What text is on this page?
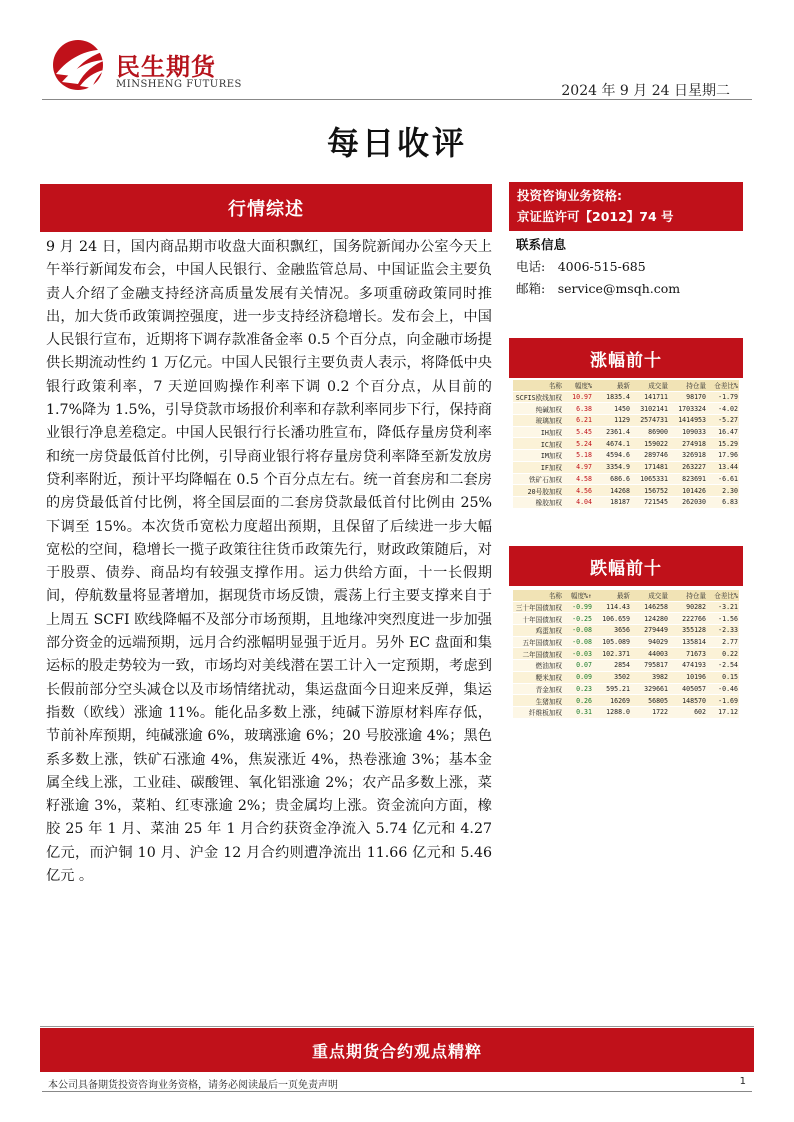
民生期货
MINSHENG FUTURES	2024 年 9 月 24 日星期二
每日收评
行情综述
9 月 24 日，国内商品期市收盘大面积飘红，国务院新闻办公室今天上午举行新闻发布会，中国人民银行、金融监管总局、中国证监会主要负责人介绍了金融支持经济高质量发展有关情况。多项重磅政策同时推出，加大货币政策调控强度，进一步支持经济稳增长。发布会上，中国人民银行宣布，近期将下调存款准备金率 0.5 个百分点，向金融市场提供长期流动性约 1 万亿元。中国人民银行主要负责人表示，将降低中央银行政策利率，7 天逆回购操作利率下调 0.2 个百分点，从目前的 1.7%降为 1.5%，引导贷款市场报价利率和存款利率同步下行，保持商业银行净息差稳定。中国人民银行行长潘功胜宣布，降低存量房贷利率和统一房贷最低首付比例，引导商业银行将存量房贷利率降至新发放房贷利率附近，预计平均降幅在 0.5 个百分点左右。统一首套房和二套房的房贷最低首付比例，将全国层面的二套房贷款最低首付比例由 25%下调至 15%。本次货币宽松力度超出预期，且保留了后续进一步大幅宽松的空间，稳增长一揽子政策往往货币政策先行，财政政策随后，对于股票、债券、商品均有较强支撑作用。运力供给方面，十一长假期间，停航数量将显著增加，据现货市场反馈，震荡上行主要支撑来自于上周五 SCFI 欧线降幅不及部分市场预期，且地缘冲突烈度进一步加强部分资金的远端预期，远月合约涨幅明显强于近月。另外 EC 盘面和集运标的股走势较为一致，市场均对美线潜在罢工计入一定预期，考虑到长假前部分空头减仓以及市场情绪扰动，集运盘面今日迎来反弹，集运指数（欧线）涨逾 11%。能化品多数上涨，纯碱下游原材料库存低，节前补库预期，纯碱涨逾 6%，玻璃涨逾 6%；20 号胶涨逾 4%；黑色系多数上涨，铁矿石涨逾 4%，焦炭涨近 4%，热卷涨逾 3%；基本金属全线上涨，工业硅、碳酸锂、氧化铝涨逾 2%；农产品多数上涨，菜籽涨逾 3%，菜粕、红枣涨逾 2%；贵金属均上涨。资金流向方面，橡胶 25 年 1 月、菜油 25 年 1 月合约获资金净流入 5.74 亿元和 4.27 亿元，而沪铜 10 月、沪金 12 月合约则遭净流出 11.66 亿元和 5.46 亿元 。
投资咨询业务资格:
京证监许可【2012】74 号
联系信息
电话:　4006-515-685
邮箱:　service@msqh.com
涨幅前十
名称	幅度%	最新	成交量	持仓量	仓差比%
SCFIS欧线加权	10.97	1835.4	141711	98170	-1.79
纯碱加权	6.38	1450	3102141	1703324	-4.02
玻璃加权	6.21	1129	2574731	1414953	-5.27
IH加权	5.45	2361.4	86900	109033	16.47
IC加权	5.24	4674.1	159022	274918	15.29
IM加权	5.18	4594.6	289746	326918	17.96
IF加权	4.97	3354.9	171481	263227	13.44
铁矿石加权	4.58	686.6	1065331	823691	-6.61
20号胶加权	4.56	14268	156752	101426	2.30
橡胶加权	4.04	18187	721545	262030	6.83
跌幅前十
名称	幅度%↑	最新	成交量	持仓量	仓差比%
三十年国债加权	-0.99	114.43	146258	90282	-3.21
十年国债加权	-0.25	106.659	124280	222766	-1.56
鸡蛋加权	-0.08	3656	279449	355128	-2.33
五年国债加权	-0.08	105.089	94029	135814	2.77
二年国债加权	-0.03	102.371	44003	71673	0.22
燃油加权	0.07	2854	795817	474193	-2.54
粳米加权	0.09	3502	3982	10196	0.15
青金加权	0.23	595.21	329661	405057	-0.46
生猪加权	0.26	16269	56805	148570	-1.69
纤维板加权	0.31	1288.0	1722	602	17.12
重点期货合约观点精粹
本公司具备期货投资咨询业务资格，请务必阅读最后一页免责声明	1
